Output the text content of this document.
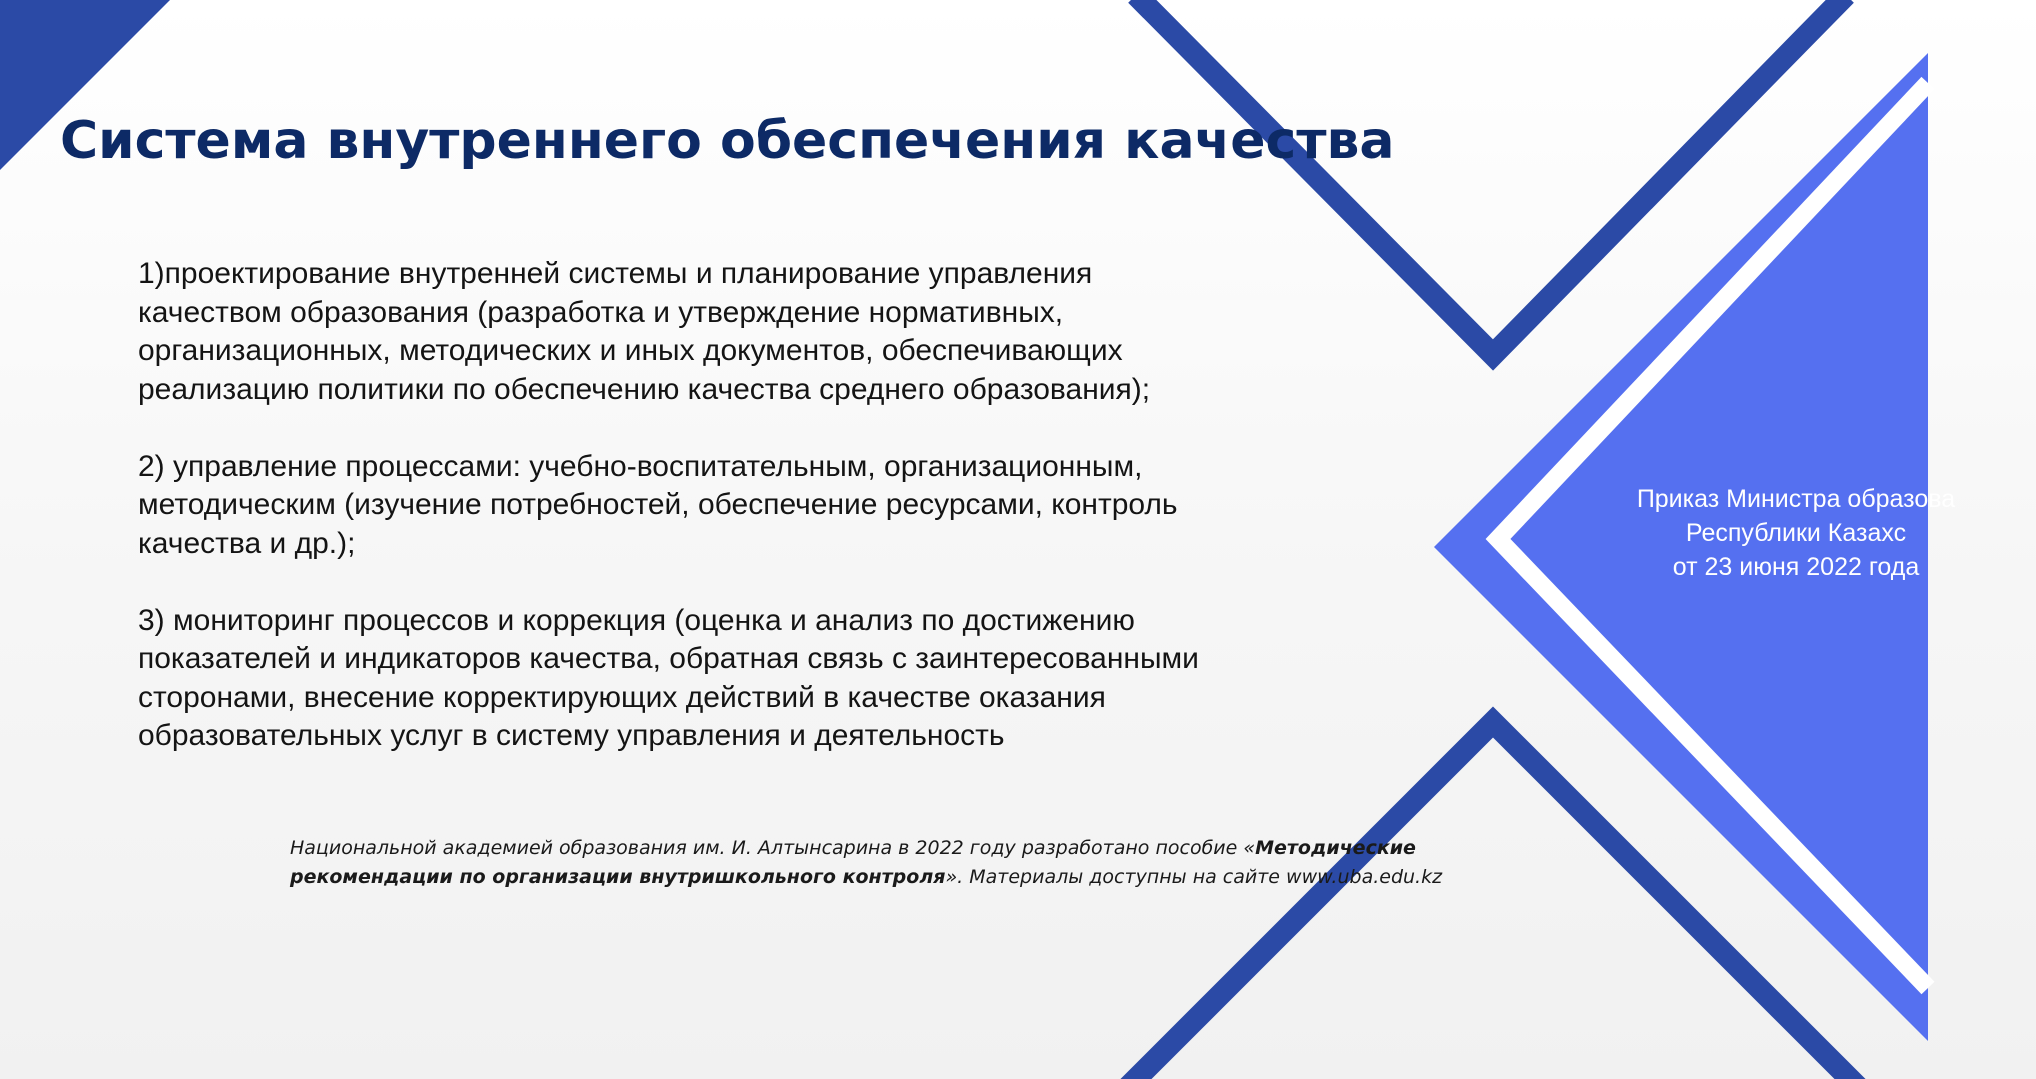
Система внутреннего обеспечения качества

1)проектирование внутренней системы и планирование управления
качеством образования (разработка и утверждение нормативных,
организационных, методических и иных документов, обеспечивающих
реализацию политики по обеспечению качества среднего образования);

2) управление процессами: учебно-воспитательным, организационным,
методическим (изучение потребностей, обеспечение ресурсами, контроль
качества и др.);

3) мониторинг процессов и коррекция (оценка и анализ по достижению
показателей и индикаторов качества, обратная связь с заинтересованными
сторонами, внесение корректирующих действий в качестве оказания
образовательных услуг в систему управления и деятельность

Приказ Министра образова
Республики Казахс
от 23 июня 2022 года
Национальной академией образования им. И. Алтынсарина в 2022 году разработано пособие «Методические рекомендации по организации внутришкольного контроля». Материалы доступны на сайте www.uba.edu.kz
